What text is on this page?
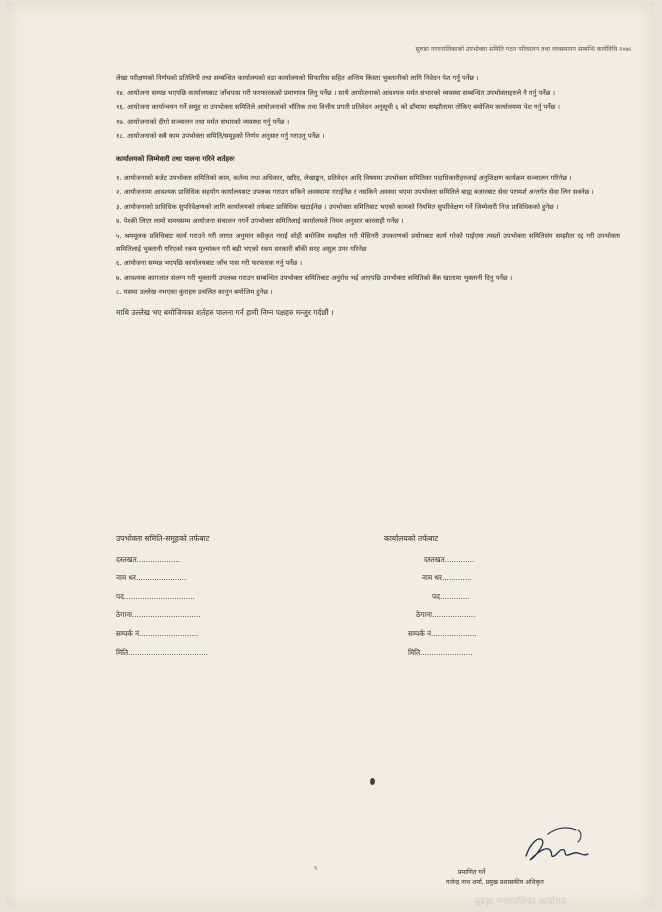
सुरुङा नगरपालिकाको उपभोक्ता समिति गठन परिचालन तथा व्यवस्थापन सम्बन्धि कार्यविधि २०७८

लेखा परीक्षणको निर्णयको प्रतिलिपी तथा सम्बन्धित कार्यालयको वडा कार्यालयको सिफारिस सहित अन्तिम किस्ता भुक्तानीको लागि निवेदन पेश गर्नु पर्नेछ ।

१४. आयोजना सम्पन्न भएपछि कार्यालयबाट जाँचपास गरी फरफारकको प्रमाणपत्र लिनु पर्नेछ । साथै आयोजनाको आवश्यक मर्मत संभारको व्यवस्था सम्बन्धित उपभोक्ताहरुले नै गर्नु पर्नेछ ।

१६. आयोजना कार्यान्वयन गर्ने समूह वा उपभोक्ता समितिले आयोजनाको भौतिक तथा वित्तीय प्रगती प्रतिवेदन अनुसूची ६ को ढाँचामा सम्झौतामा तोकिए बमोजिम कार्यालयमा पेश गर्नु पर्नेछ ।

१७. आयोजनाको दीगो सञ्चालन तथा मर्मत संभारको व्यवस्था गर्नु पर्नेछ ।

१८. आयोजनाको सबै काम उपभोक्ता समिति/समूहको निर्णय अनुसार गर्नु गराउनु पर्नेछ ।

कार्यालयको जिम्मेवारी तथा पालना गरिने शर्तहरुः

१. आयोजनाको बजेट उपभोक्ता समितिको काम, कर्तव्य तथा अधिकार, खरिद, लेखाङ्कन, प्रतिवेदन आदि विषयमा उपभोक्ता समितिका पदाधिकारीहरुलाई अनुशिक्षण कार्यक्रम सञ्चालन गरिनेछ ।

२. आयोजनामा आवश्यक प्राविधिक सहयोग कार्यालयबाट उपलब्ध गराउन सकिने अवस्थामा गराईनेछ र नसकिने अवस्था भएमा उपभोक्ता समितिले बाह्य बजारबाट सेवा परामर्श अन्तर्गत सेवा लिन सक्नेछ ।

३. आयोजनाको प्राविधिक सुपरिवेक्षणको लागि कार्यालयको तर्फबाट प्राविधिक खटाईनेछ । उपभोक्ता समितिबाट भएको कामको नियमित सुपरिवेक्षण गर्ने जिम्मेवारी निज प्राविधिकको हुनेछ ।

४. पेश्की लिएर लामो समयसम्म आयोजना संचालन नगर्ने उपभोक्ता समितिलाई कार्यालयले नियम अनुसार कारवाही गर्नेछ ।

५. श्रममूलक प्रविधिबाट कार्य गराउने गरी लागत अनुमान स्वीकृत गराई सोही बमोजिम सम्झौता गरी मेसिनरी उपकरणको प्रयोगबाट कार्य गरेको पाईएमा त्यस्तो उपभोक्ता समितिसंग सम्झौता रद्द गरी उपभोक्ता समितिलाई भुक्तानी गरिएको रकम मुल्यांकन गरी बढी भएको रकम सरकारी बाँकी सरह असुल उपर गरिनेछ

६. आयोजना सम्पन्न भएपछि कार्यालयबाट जाँच पास गरी फरफारक गर्नु पर्नेछ ।

७. आवश्यक कागजात संलग्न गरी भुक्तानी उपलब्ध गराउन सम्बन्धित उपभोक्ता समितिबाट अनुरोध भई आएपछि उपभोक्ता समितिको बैंक खातामा भुक्तानी दिनु पर्नेछ ।

८. यसमा उल्लेख नभएका कुराहरु प्रचलित कानून बमोजिम हुनेछ ।

माथि उल्लेख भए बमोजिमका शर्तहरु पालना गर्न हामी निम्न पक्षहरु मन्जुर गर्दछौं ।

उपभोक्ता समिति-समूहको तर्फबाट
दस्तखत...................
नाम थर......................
पद...............................
ठेगाना..............................
सम्पर्क नं..........................
मिति...................................
कार्यालयको तर्फबाट
दस्तखत.............
नाम थर.............
पद.............
ठेगाना...................
सम्पर्क नं....................
मिति.......................
९
प्रमाणित गर्ने
गजेन्द्र नाथ शर्मा, प्रमुख प्रशासकीय अधिकृत
सुरुङ्गा नगरपालिका कार्यालय
